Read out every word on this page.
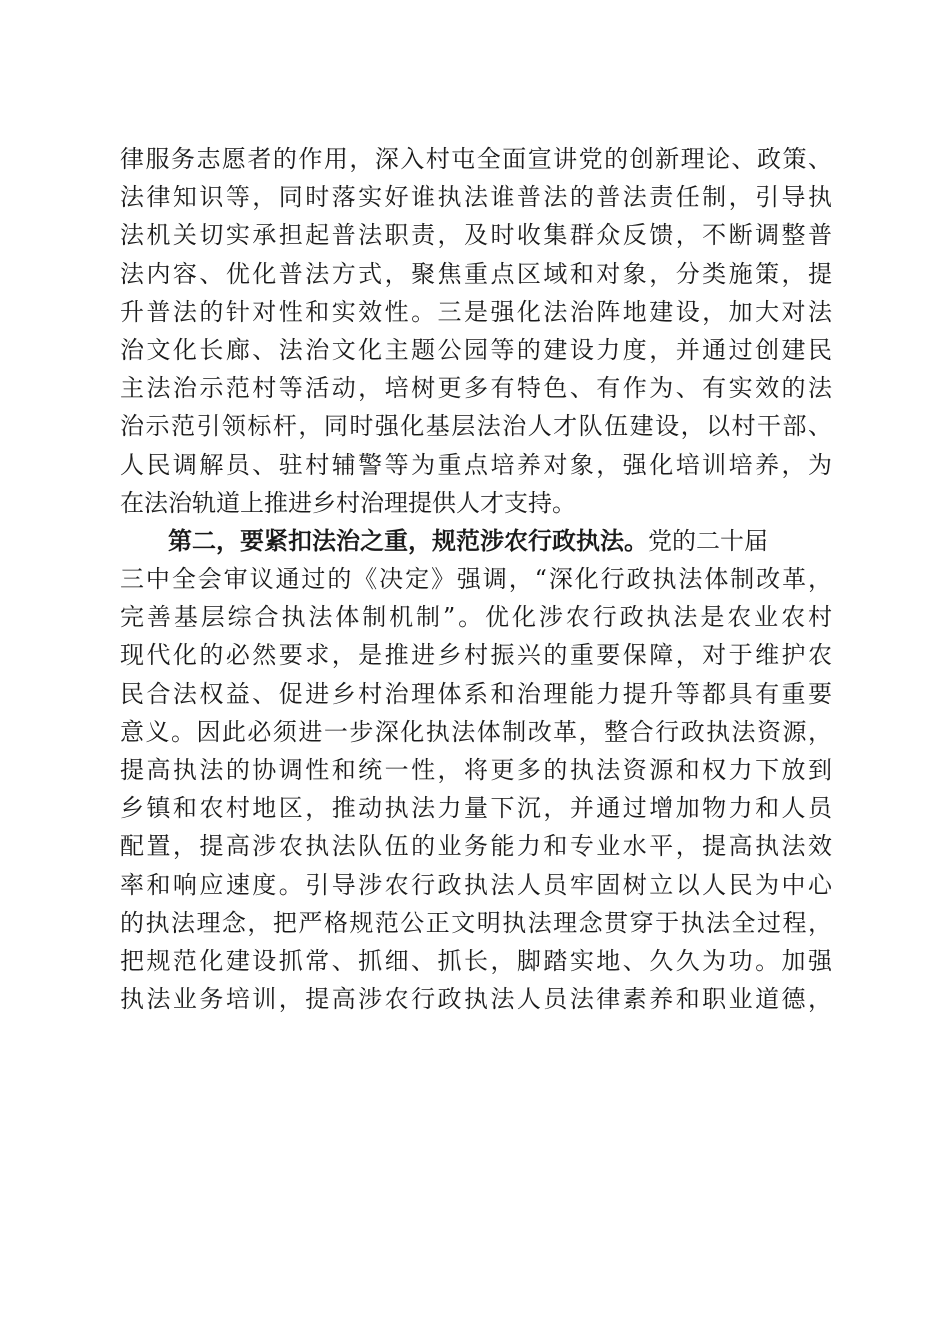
律服务志愿者的作用，深入村屯全面宣讲党的创新理论、政策、
法律知识等，同时落实好谁执法谁普法的普法责任制，引导执
法机关切实承担起普法职责，及时收集群众反馈，不断调整普
法内容、优化普法方式，聚焦重点区域和对象，分类施策，提
升普法的针对性和实效性。三是强化法治阵地建设，加大对法
治文化长廊、法治文化主题公园等的建设力度，并通过创建民
主法治示范村等活动，培树更多有特色、有作为、有实效的法
治示范引领标杆，同时强化基层法治人才队伍建设，以村干部、
人民调解员、驻村辅警等为重点培养对象，强化培训培养，为
在法治轨道上推进乡村治理提供人才支持。
第二，要紧扣法治之重，规范涉农行政执法。党的二十届
三中全会审议通过的《决定》强调，“深化行政执法体制改革，
完善基层综合执法体制机制”。优化涉农行政执法是农业农村
现代化的必然要求，是推进乡村振兴的重要保障，对于维护农
民合法权益、促进乡村治理体系和治理能力提升等都具有重要
意义。因此必须进一步深化执法体制改革，整合行政执法资源，
提高执法的协调性和统一性，将更多的执法资源和权力下放到
乡镇和农村地区，推动执法力量下沉，并通过增加物力和人员
配置，提高涉农执法队伍的业务能力和专业水平，提高执法效
率和响应速度。引导涉农行政执法人员牢固树立以人民为中心
的执法理念，把严格规范公正文明执法理念贯穿于执法全过程，
把规范化建设抓常、抓细、抓长，脚踏实地、久久为功。加强
执法业务培训，提高涉农行政执法人员法律素养和职业道德，
